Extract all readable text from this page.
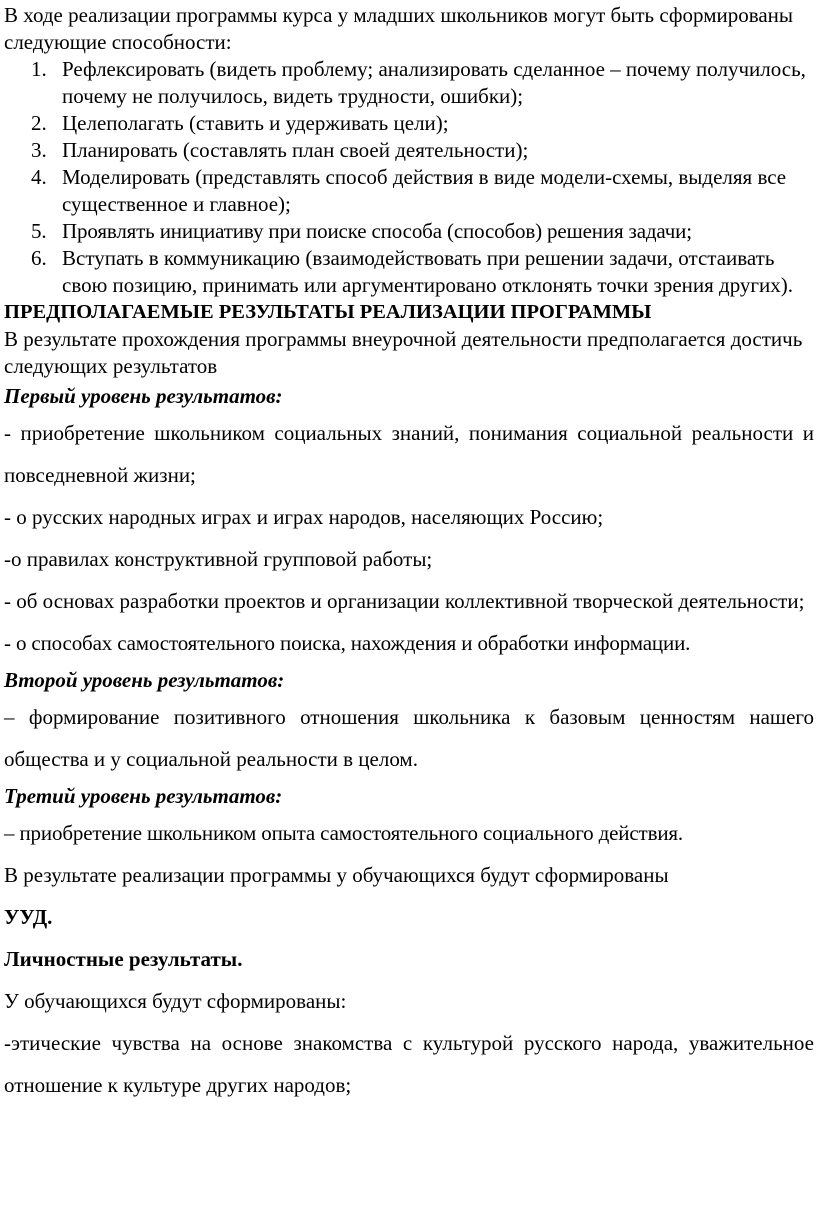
В ходе реализации программы курса у младших школьников могут быть сформированы следующие способности:

1. Рефлексировать (видеть проблему; анализировать сделанное – почему получилось, почему не получилось, видеть трудности, ошибки);
2. Целеполагать (ставить и удерживать цели);
3. Планировать (составлять план своей деятельности);
4. Моделировать (представлять способ действия в виде модели-схемы, выделяя все существенное и главное);
5. Проявлять инициативу при поиске способа (способов) решения задачи;
6. Вступать в коммуникацию (взаимодействовать при решении задачи, отстаивать свою позицию, принимать или аргументировано отклонять точки зрения других).

ПРЕДПОЛАГАЕМЫЕ РЕЗУЛЬТАТЫ РЕАЛИЗАЦИИ ПРОГРАММЫ

В результате прохождения программы внеурочной деятельности предполагается достичь следующих результатов

Первый уровень результатов:

- приобретение школьником социальных знаний, понимания социальной реальности и повседневной жизни;

- о русских народных играх и играх народов, населяющих Россию;

-о правилах конструктивной групповой работы;

- об основах разработки проектов и организации коллективной творческой деятельности;

- о способах самостоятельного поиска, нахождения и обработки информации.

Второй уровень результатов:

– формирование позитивного отношения школьника к базовым ценностям нашего общества и у социальной реальности в целом.

Третий уровень результатов:

– приобретение школьником опыта самостоятельного социального действия.

В результате реализации программы у обучающихся будут сформированы

УУД.

Личностные результаты.

У обучающихся будут сформированы:

-этические чувства на основе знакомства с культурой русского народа, уважительное отношение к культуре других народов;
